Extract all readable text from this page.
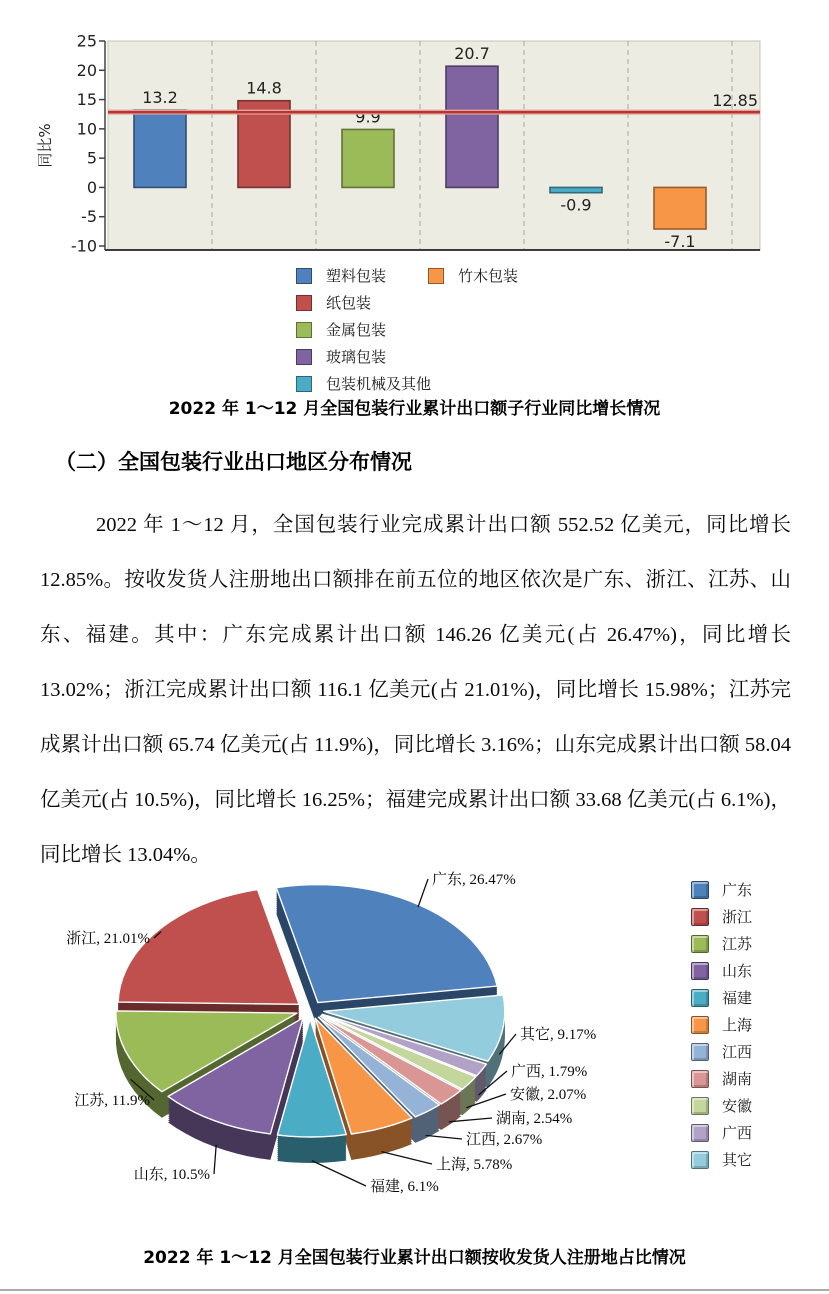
25
20
15
10
5
0
-5
-10
同比%
13.2	14.8
9.9
20.7
-0.9
-7.1
12.85
塑料包装
纸包装
金属包装
玻璃包装
包装机械及其他
竹木包装
2022 年 1～12 月全国包装行业累计出口额子行业同比增长情况
（二）全国包装行业出口地区分布情况
2022 年 1～12 月，全国包装行业完成累计出口额 552.52 亿美元，同比增长 12.85%。按收发货人注册地出口额排在前五位的地区依次是广东、浙江、江苏、山东、福建。其中：广东完成累计出口额 146.26 亿美元(占 26.47%)，同比增长 13.02%；浙江完成累计出口额 116.1 亿美元(占 21.01%)，同比增长 15.98%；江苏完成累计出口额 65.74 亿美元(占 11.9%)，同比增长 3.16%；山东完成累计出口额 58.04 亿美元(占 10.5%)，同比增长 16.25%；福建完成累计出口额 33.68 亿美元(占 6.1%)，同比增长 13.04%。
广东, 26.47%
浙江, 21.01%
江苏, 11.9%
山东, 10.5%
福建, 6.1%
上海, 5.78%
江西, 2.67%
湖南, 2.54%
安徽, 2.07%
广西, 1.79%
其它, 9.17%
广东
浙江
江苏
山东
福建
上海
江西
湖南
安徽
广西
其它
2022 年 1～12 月全国包装行业累计出口额按收发货人注册地占比情况
